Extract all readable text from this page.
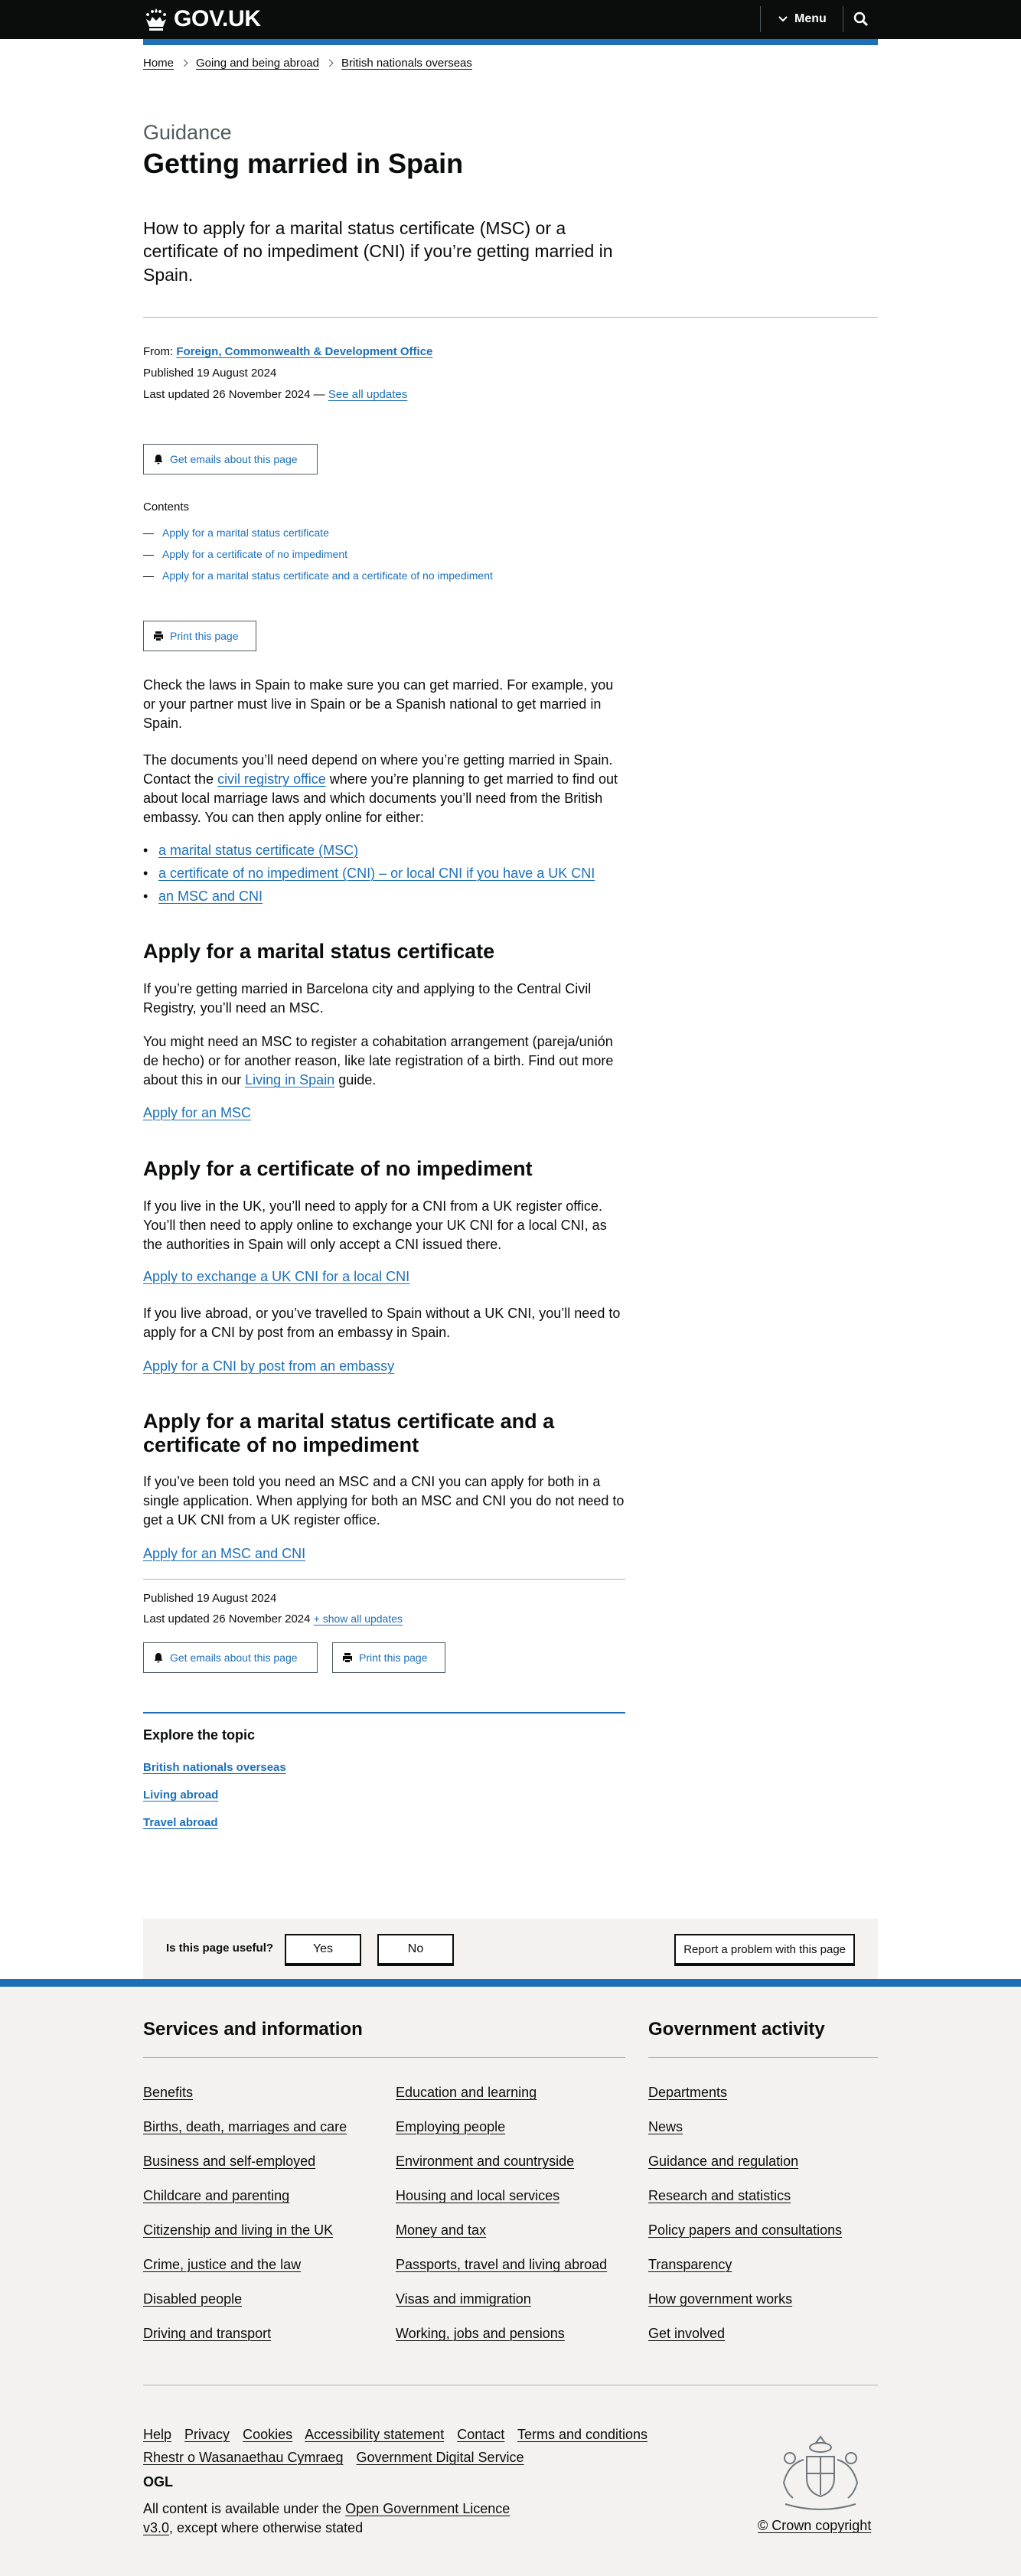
GOV.UK	Menu
Home Going and being abroad British nationals overseas
Guidance
Getting married in Spain

How to apply for a marital status certificate (MSC) or a certificate of no impediment (CNI) if you’re getting married in Spain.

From: Foreign, Commonwealth & Development Office
Published 19 August 2024
Last updated 26 November 2024 — See all updates
Get emails about this page
Contents
— Apply for a marital status certificate
— Apply for a certificate of no impediment
— Apply for a marital status certificate and a certificate of no impediment
Print this page
Check the laws in Spain to make sure you can get married. For example, you or your partner must live in Spain or be a Spanish national to get married in Spain.
The documents you’ll need depend on where you’re getting married in Spain. Contact the civil registry office where you’re planning to get married to find out about local marriage laws and which documents you’ll need from the British embassy. You can then apply online for either:
• a marital status certificate (MSC)
• a certificate of no impediment (CNI) – or local CNI if you have a UK CNI
• an MSC and CNI
Apply for a marital status certificate
If you’re getting married in Barcelona city and applying to the Central Civil Registry, you’ll need an MSC.
You might need an MSC to register a cohabitation arrangement (pareja/unión de hecho) or for another reason, like late registration of a birth. Find out more about this in our Living in Spain guide.
Apply for an MSC
Apply for a certificate of no impediment
If you live in the UK, you’ll need to apply for a CNI from a UK register office. You’ll then need to apply online to exchange your UK CNI for a local CNI, as the authorities in Spain will only accept a CNI issued there.
Apply to exchange a UK CNI for a local CNI
If you live abroad, or you’ve travelled to Spain without a UK CNI, you’ll need to apply for a CNI by post from an embassy in Spain.
Apply for a CNI by post from an embassy
Apply for a marital status certificate and a certificate of no impediment
If you’ve been told you need an MSC and a CNI you can apply for both in a single application. When applying for both an MSC and CNI you do not need to get a UK CNI from a UK register office.
Apply for an MSC and CNI
Published 19 August 2024
Last updated 26 November 2024 + show all updates
Get emails about this page	Print this page
Explore the topic
British nationals overseas
Living abroad
Travel abroad
Is this page useful?	Yes	No	Report a problem with this page
Services and information
Benefits
Births, death, marriages and care
Business and self-employed
Childcare and parenting
Citizenship and living in the UK
Crime, justice and the law
Disabled people
Driving and transport
Education and learning
Employing people
Environment and countryside
Housing and local services
Money and tax
Passports, travel and living abroad
Visas and immigration
Working, jobs and pensions
Government activity
Departments
News
Guidance and regulation
Research and statistics
Policy papers and consultations
Transparency
How government works
Get involved
Help Privacy Cookies Accessibility statement Contact Terms and conditions
Rhestr o Wasanaethau Cymraeg Government Digital Service
OGL
All content is available under the Open Government Licence v3.0, except where otherwise stated	© Crown copyright
